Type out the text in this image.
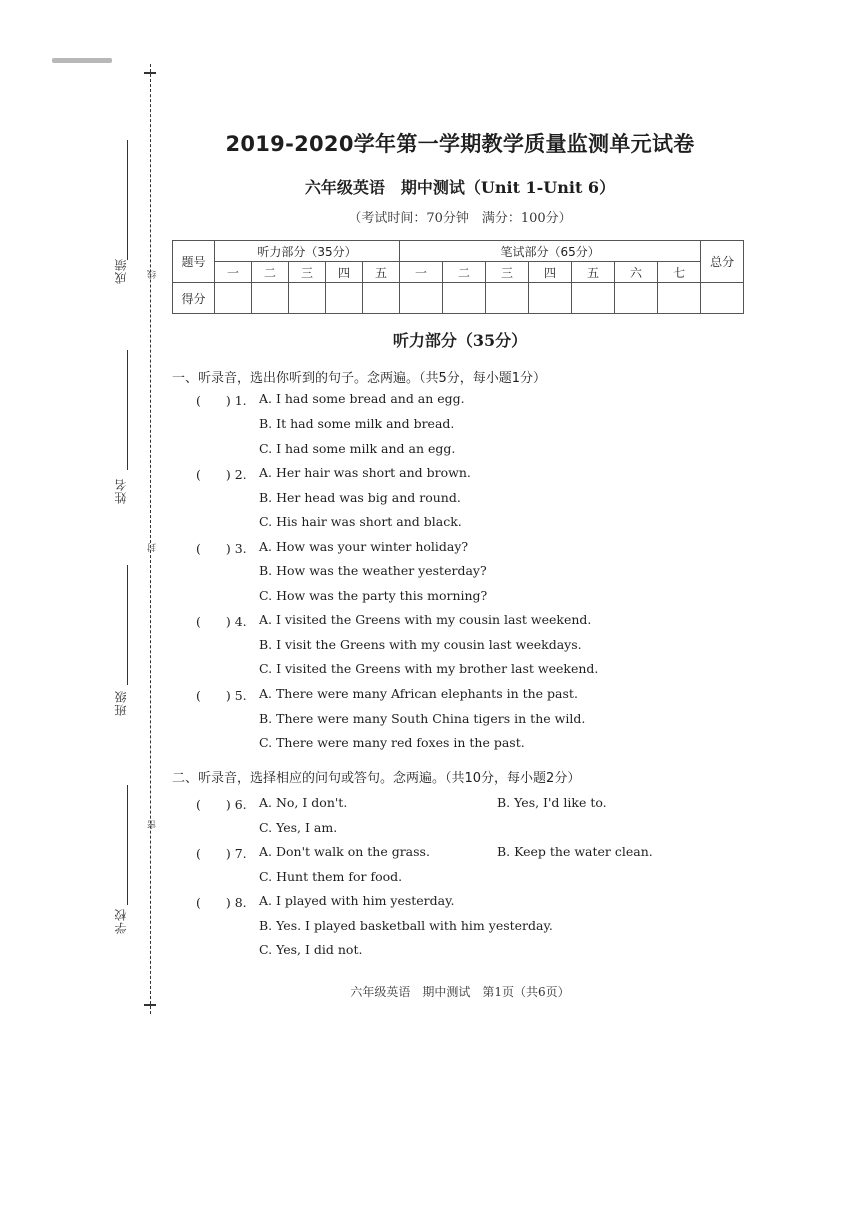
成绩 线
姓名
封
班级
密
学校
2019-2020学年第一学期教学质量监测单元试卷
六年级英语　期中测试（Unit 1-Unit 6）
（考试时间：70分钟　满分：100分）
题号	听力部分（35分）					笔试部分（65分）							总分
	一	二	三	四	五	一	二	三	四	五	六	七	
得分													
听力部分（35分）
一、听录音，选出你听到的句子。念两遍。（共5分，每小题1分）
(　　) 1. A. I had some bread and an egg.
B. It had some milk and bread.
C. I had some milk and an egg.
(　　) 2. A. Her hair was short and brown.
B. Her head was big and round.
C. His hair was short and black.
(　　) 3. A. How was your winter holiday?
B. How was the weather yesterday?
C. How was the party this morning?
(　　) 4. A. I visited the Greens with my cousin last weekend.
B. I visit the Greens with my cousin last weekdays.
C. I visited the Greens with my brother last weekend.
(　　) 5. A. There were many African elephants in the past.
B. There were many South China tigers in the wild.
C. There were many red foxes in the past.
二、听录音，选择相应的问句或答句。念两遍。（共10分，每小题2分）
(　　) 6. A. No, I don't.	B. Yes, I'd like to.
C. Yes, I am.
(　　) 7. A. Don't walk on the grass.	B. Keep the water clean.
C. Hunt them for food.
(　　) 8. A. I played with him yesterday.
B. Yes. I played basketball with him yesterday.
C. Yes, I did not.
六年级英语　期中测试　第1页（共6页）
